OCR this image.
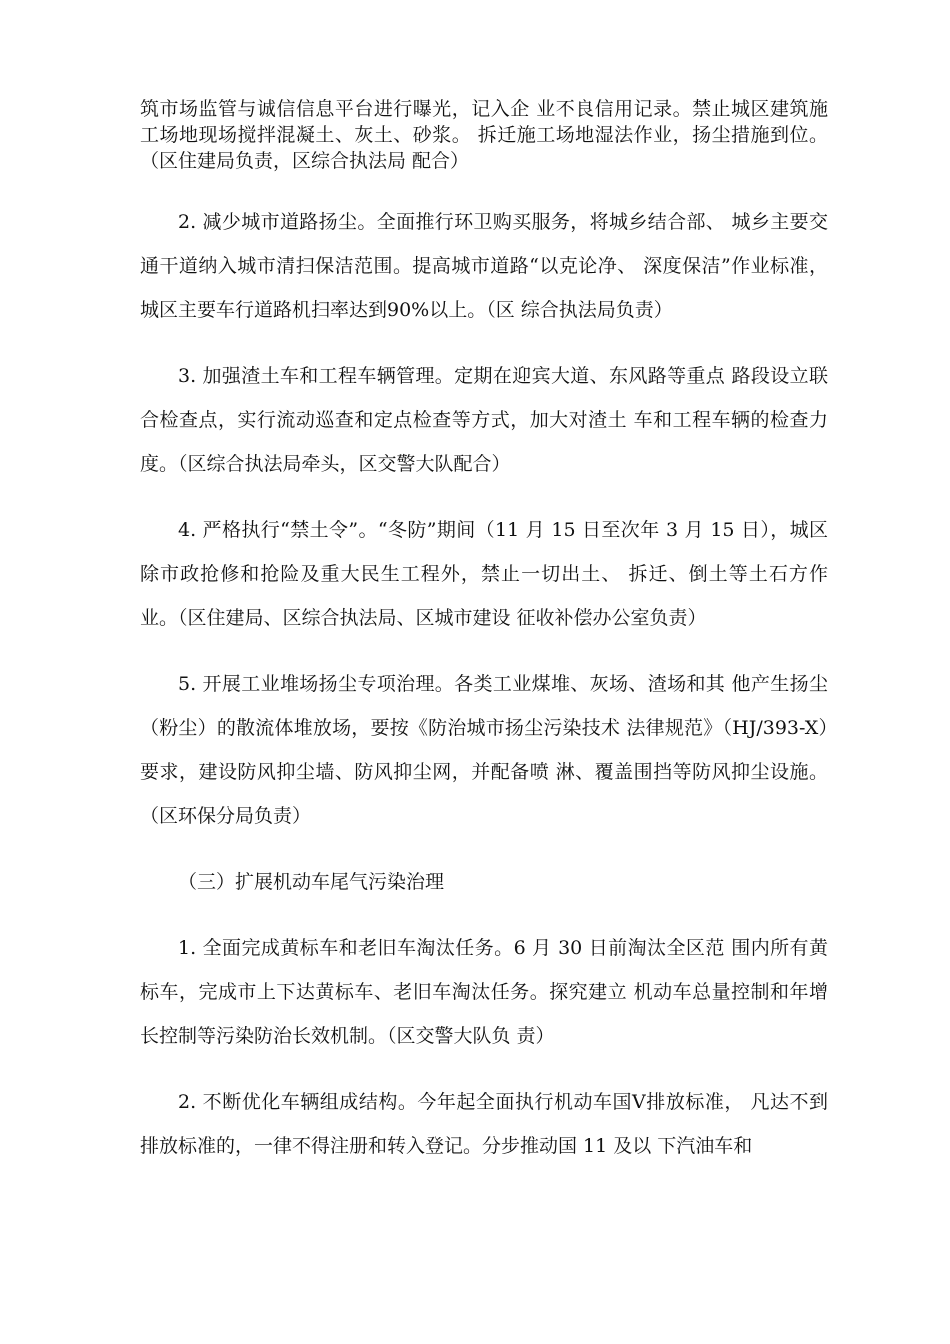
筑市场监管与诚信信息平台进行曝光，记入企 业不良信用记录。禁止城区建筑施工场地现场搅拌混凝土、灰土、砂浆。 拆迁施工场地湿法作业，扬尘措施到位。（区住建局负责，区综合执法局 配合）

2. 减少城市道路扬尘。全面推行环卫购买服务，将城乡结合部、 城乡主要交通干道纳入城市清扫保洁范围。提高城市道路“以克论净、 深度保洁”作业标准，城区主要车行道路机扫率达到90%以上。（区 综合执法局负责）

3. 加强渣土车和工程车辆管理。定期在迎宾大道、东风路等重点 路段设立联合检查点，实行流动巡查和定点检查等方式，加大对渣土 车和工程车辆的检查力度。（区综合执法局牵头，区交警大队配合）

4. 严格执行“禁土令”。“冬防”期间（11 月 15 日至次年 3 月 15 日），城区除市政抢修和抢险及重大民生工程外，禁止一切出土、 拆迁、倒土等土石方作业。（区住建局、区综合执法局、区城市建设 征收补偿办公室负责）

5. 开展工业堆场扬尘专项治理。各类工业煤堆、灰场、渣场和其 他产生扬尘（粉尘）的散流体堆放场，要按《防治城市扬尘污染技术 法律规范》（HJ/393-X）要求，建设防风抑尘墙、防风抑尘网，并配备喷 淋、覆盖围挡等防风抑尘设施。（区环保分局负责）

（三）扩展机动车尾气污染治理

1. 全面完成黄标车和老旧车淘汰任务。6 月 30 日前淘汰全区范 围内所有黄标车，完成市上下达黄标车、老旧车淘汰任务。探究建立 机动车总量控制和年增长控制等污染防治长效机制。（区交警大队负 责）

2. 不断优化车辆组成结构。今年起全面执行机动车国Ⅴ排放标准， 凡达不到排放标准的，一律不得注册和转入登记。分步推动国 11 及以 下汽油车和
